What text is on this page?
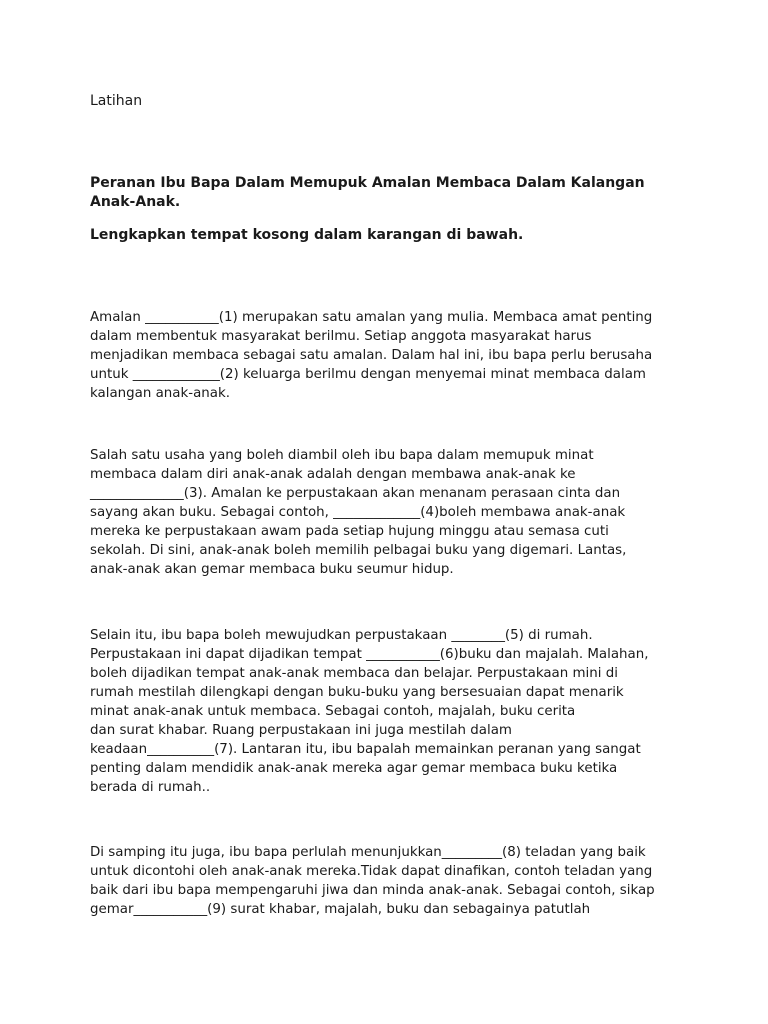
Latihan

Peranan Ibu Bapa Dalam Memupuk Amalan Membaca Dalam Kalangan Anak-Anak.

Lengkapkan tempat kosong dalam karangan di bawah.

Amalan ___________(1) merupakan satu amalan yang mulia. Membaca amat penting
dalam membentuk masyarakat berilmu. Setiap anggota masyarakat harus
menjadikan membaca sebagai satu amalan. Dalam hal ini, ibu bapa perlu berusaha
untuk _____________(2) keluarga berilmu dengan menyemai minat membaca dalam
kalangan anak-anak.

Salah satu usaha yang boleh diambil oleh ibu bapa dalam memupuk minat
membaca dalam diri anak-anak adalah dengan membawa anak-anak ke
______________(3). Amalan ke perpustakaan akan menanam perasaan cinta dan
sayang akan buku. Sebagai contoh, _____________(4)boleh membawa anak-anak
mereka ke perpustakaan awam pada setiap hujung minggu atau semasa cuti
sekolah. Di sini, anak-anak boleh memilih pelbagai buku yang digemari. Lantas,
anak-anak akan gemar membaca buku seumur hidup.

Selain itu, ibu bapa boleh mewujudkan perpustakaan ________(5) di rumah.
Perpustakaan ini dapat dijadikan tempat ___________(6)buku dan majalah. Malahan,
boleh dijadikan tempat anak-anak membaca dan belajar. Perpustakaan mini di
rumah mestilah dilengkapi dengan buku-buku yang bersesuaian dapat menarik
minat anak-anak untuk membaca. Sebagai contoh, majalah, buku cerita
dan surat khabar. Ruang perpustakaan ini juga mestilah dalam
keadaan__________(7). Lantaran itu, ibu bapalah memainkan peranan yang sangat
penting dalam mendidik anak-anak mereka agar gemar membaca buku ketika
berada di rumah..

Di samping itu juga, ibu bapa perlulah menunjukkan_________(8) teladan yang baik
untuk dicontohi oleh anak-anak mereka.Tidak dapat dinafikan, contoh teladan yang
baik dari ibu bapa mempengaruhi jiwa dan minda anak-anak. Sebagai contoh, sikap
gemar___________(9) surat khabar, majalah, buku dan sebagainya patutlah
